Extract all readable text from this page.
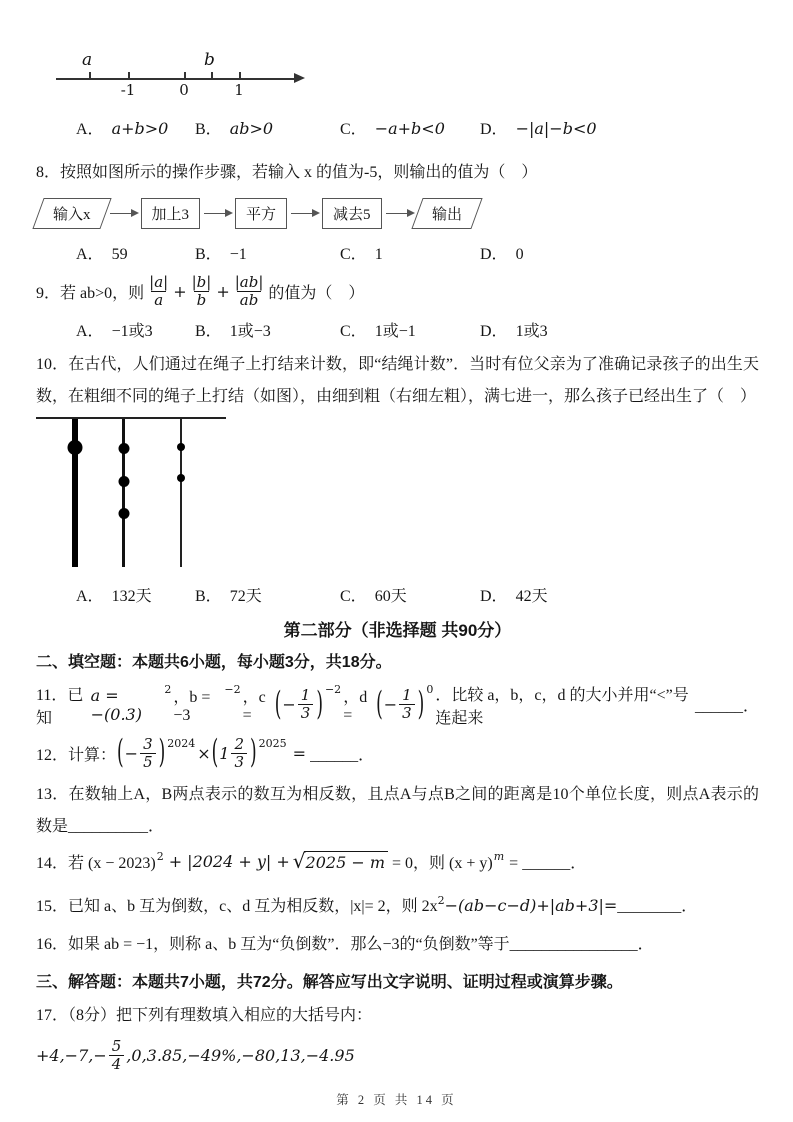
a	b
-1	0	1
A． a+b>0 B． ab>0	C． −a+b<0 D． −|a|−b<0

8．按照如图所示的操作步骤，若输入 x 的值为-5，则输出的值为（　）

输入x	加上3	平方	减去5	输出
A． 59	B． −1	C． 1	D． 0
9．若 ab>0，则 $\frac{|a|}{a} + \frac{|b|}{b} + \frac{|ab|}{ab}$ 的值为（　）
A． −1或3	B． 1或−3	C． 1或−1	D． 1或3

10．在古代，人们通过在绳子上打结来计数，即“结绳计数”．当时有位父亲为了准确记录孩子的出生天数，在粗细不同的绳子上打结（如图），由细到粗（右细左粗），满七进一，那么孩子已经出生了（　）

A． 132天	B． 72天	C． 60天	D． 42天
第二部分（非选择题 共90分）
二、填空题：本题共6小题，每小题3分，共18分。
11．已知
a = −(0.3)
2 ，b = −3
−2 ，c =	( − $\frac{1}{3}$ ) −2 ，d =	( − $\frac{1}{3}$ ) 0 ．比较 a，b，c，d 的大小并用“<”号连起来
______．
12．计算： ( − $\frac{3}{5}$ ) 2024
× ( $1 \frac{2}{3}$ ) 2025
= ______．

13．在数轴上A，B两点表示的数互为相反数，且点A与点B之间的距离是10个单位长度，则点A表示的数是__________．

14．若 (x − 2023) 2 + |2024 + y| + √ 2025 − m = 0，则 (x + y) m = ______．

15．已知 a、b 互为倒数，c、d 互为相反数，|x|= 2，则 $2x^2-(ab-c-d)+|ab+3|=\_\_\_\_\_\_\_\_$．

16．如果 ab = −1，则称 a、b 互为“负倒数”．那么−3的“负倒数”等于________________．

三、解答题：本题共7小题，共72分。解答应写出文字说明、证明过程或演算步骤。

17．（8分）把下列有理数填入相应的大括号内：

$+4,-7,- \frac{5}{4} ,0,3.85,-49\%,-80,13,-4.95$
第 2 页 共 14 页
